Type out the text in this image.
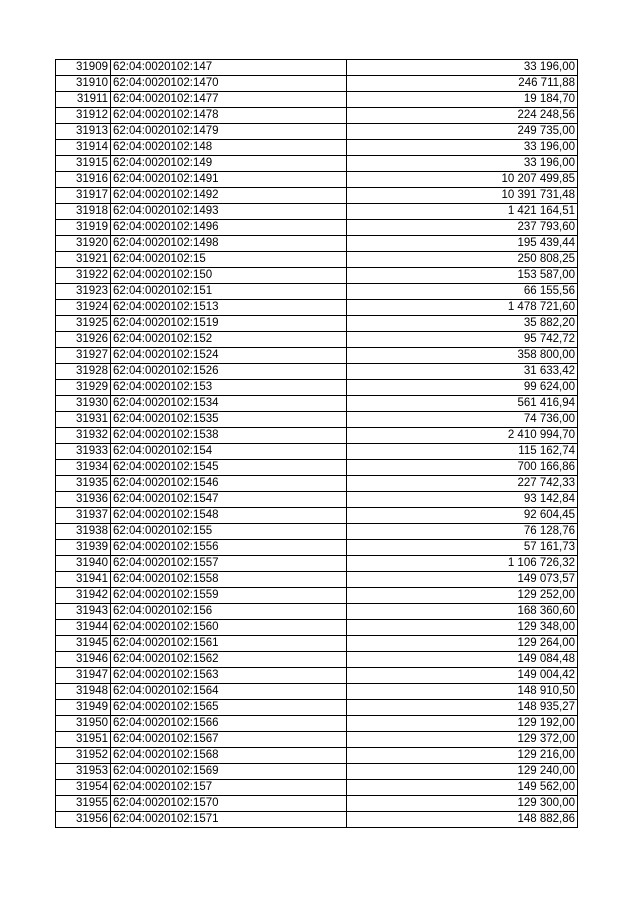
31909	62:04:0020102:147	33 196,00
31910	62:04:0020102:1470	246 711,88
31911	62:04:0020102:1477	19 184,70
31912	62:04:0020102:1478	224 248,56
31913	62:04:0020102:1479	249 735,00
31914	62:04:0020102:148	33 196,00
31915	62:04:0020102:149	33 196,00
31916	62:04:0020102:1491	10 207 499,85
31917	62:04:0020102:1492	10 391 731,48
31918	62:04:0020102:1493	1 421 164,51
31919	62:04:0020102:1496	237 793,60
31920	62:04:0020102:1498	195 439,44
31921	62:04:0020102:15	250 808,25
31922	62:04:0020102:150	153 587,00
31923	62:04:0020102:151	66 155,56
31924	62:04:0020102:1513	1 478 721,60
31925	62:04:0020102:1519	35 882,20
31926	62:04:0020102:152	95 742,72
31927	62:04:0020102:1524	358 800,00
31928	62:04:0020102:1526	31 633,42
31929	62:04:0020102:153	99 624,00
31930	62:04:0020102:1534	561 416,94
31931	62:04:0020102:1535	74 736,00
31932	62:04:0020102:1538	2 410 994,70
31933	62:04:0020102:154	115 162,74
31934	62:04:0020102:1545	700 166,86
31935	62:04:0020102:1546	227 742,33
31936	62:04:0020102:1547	93 142,84
31937	62:04:0020102:1548	92 604,45
31938	62:04:0020102:155	76 128,76
31939	62:04:0020102:1556	57 161,73
31940	62:04:0020102:1557	1 106 726,32
31941	62:04:0020102:1558	149 073,57
31942	62:04:0020102:1559	129 252,00
31943	62:04:0020102:156	168 360,60
31944	62:04:0020102:1560	129 348,00
31945	62:04:0020102:1561	129 264,00
31946	62:04:0020102:1562	149 084,48
31947	62:04:0020102:1563	149 004,42
31948	62:04:0020102:1564	148 910,50
31949	62:04:0020102:1565	148 935,27
31950	62:04:0020102:1566	129 192,00
31951	62:04:0020102:1567	129 372,00
31952	62:04:0020102:1568	129 216,00
31953	62:04:0020102:1569	129 240,00
31954	62:04:0020102:157	149 562,00
31955	62:04:0020102:1570	129 300,00
31956	62:04:0020102:1571	148 882,86
